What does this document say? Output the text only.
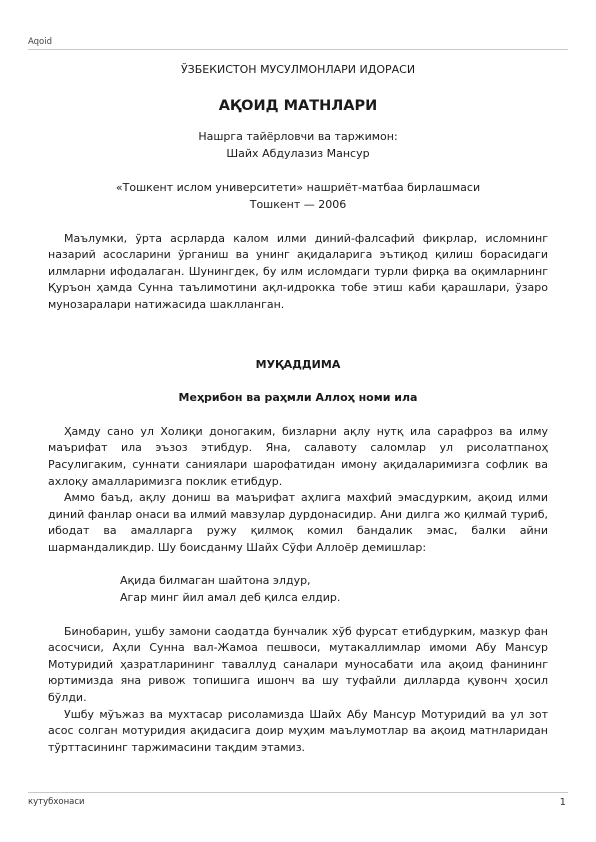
Aqoid
ЎЗБЕКИСТОН МУСУЛМОНЛАРИ ИДОРАСИ
АҚОИД МАТНЛАРИ
Нашрга тайёрловчи ва таржимон:
Шайх Абдулазиз Мансур
«Тошкент ислом университети» нашриёт-матбаа бирлашмаси
Тошкент — 2006

Маълумки, ўрта асрларда калом илми диний-фалсафий фикрлар, исломнинг назарий асосларини ўрганиш ва унинг ақидаларига эътиқод қилиш борасидаги илмларни ифодалаган. Шунингдек, бу илм исломдаги турли фирқа ва оқимларнинг Қуръон ҳамда Сунна таълимотини ақл-идрокка тобе этиш каби қарашлари, ўзаро мунозаралари натижасида шаклланган.

МУҚАДДИМА
Меҳрибон ва раҳмли Аллоҳ номи ила

Ҳамду сано ул Холиқи доногаким, бизларни ақлу нутқ ила сарафроз ва илму маърифат ила эъзоз этибдур. Яна, салавоту саломлар ул рисолатпаноҳ Расулигаким, суннати саниялари шарофатидан имону ақидаларимизга софлик ва ахлоқу амалларимизга поклик етибдур.

Аммо баъд, ақлу дониш ва маърифат аҳлига махфий эмасдурким, ақоид илми диний фанлар онаси ва илмий мавзулар дурдонасидир. Ани дилга жо қилмай туриб, ибодат ва амалларга ружу қилмоқ комил бандалик эмас, балки айни шармандаликдир. Шу боисданму Шайх Сўфи Аллоёр демишлар:

Ақида билмаган шайтона элдур,
Агар минг йил амал деб қилса елдир.

Бинобарин, ушбу замони саодатда бунчалик хўб фурсат етибдурким, мазкур фан асосчиси, Аҳли Сунна вал-Жамоа пешвоси, мутакаллимлар имоми Абу Мансур Мотуридий ҳазратларининг таваллуд саналари муносабати ила ақоид фанининг юртимизда яна ривож топишига ишонч ва шу туфайли дилларда қувонч ҳосил бўлди.

Ушбу мўъжаз ва мухтасар рисоламизда Шайх Абу Мансур Мотуридий ва ул зот асос солган мотуридия ақидасига доир муҳим маълумотлар ва ақоид матнларидан тўрттасининг таржимасини тақдим этамиз.

кутубхонаси	1
